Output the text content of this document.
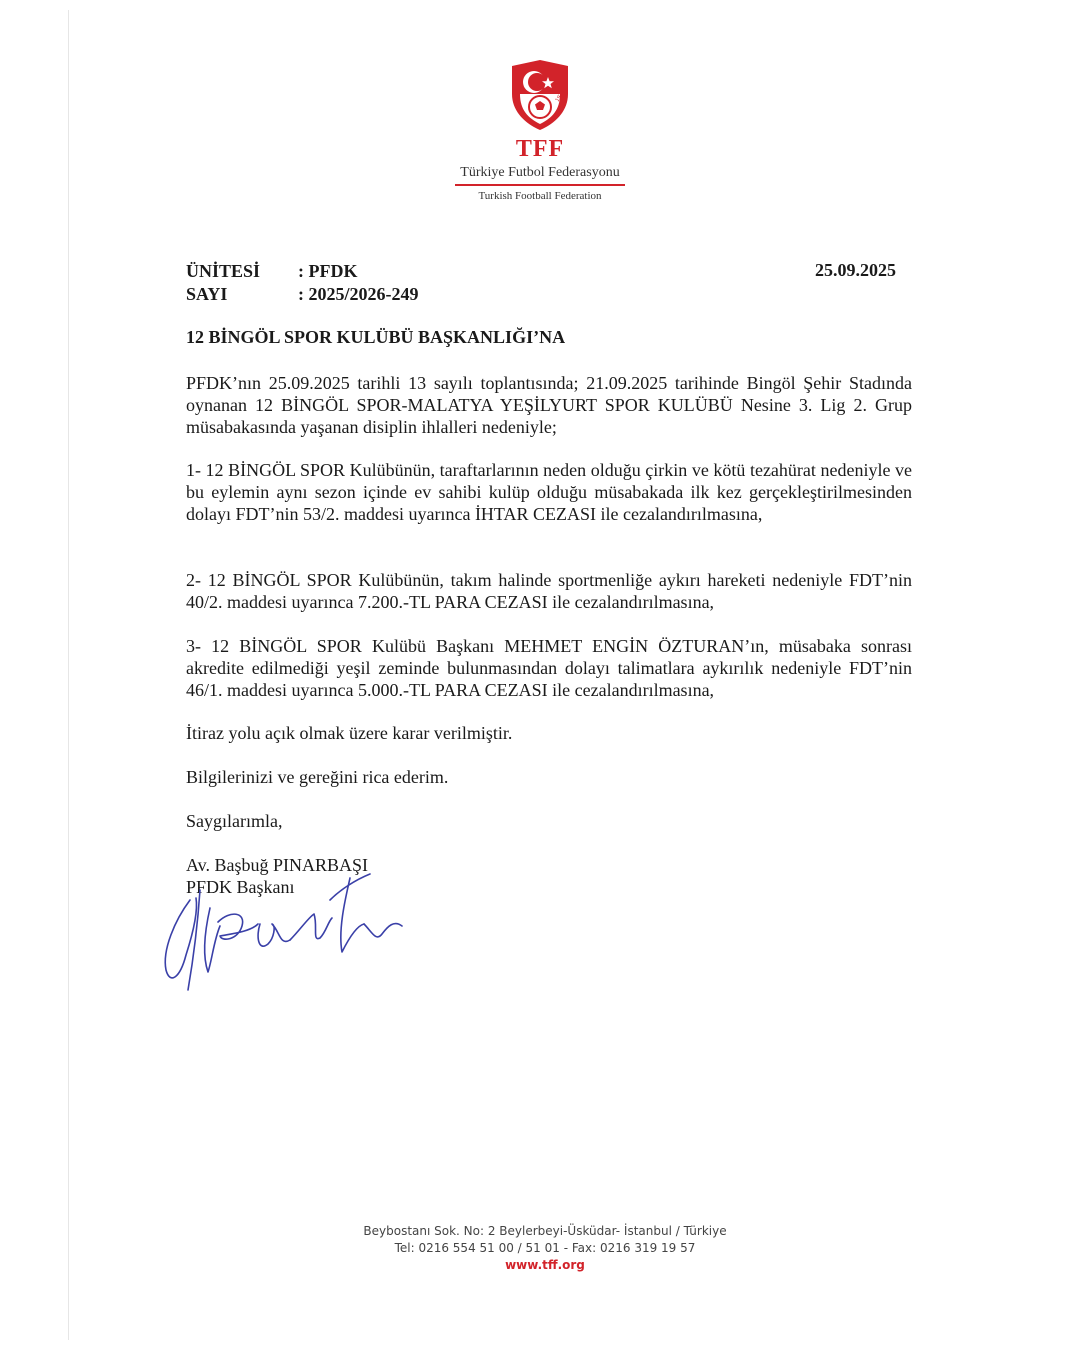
1923
TFF
Türkiye Futbol Federasyonu
Turkish Football Federation
ÜNİTESİ	: PFDK
SAYI	: 2025/2026-249
25.09.2025
12 BİNGÖL SPOR KULÜBÜ BAŞKANLIĞI’NA
PFDK’nın 25.09.2025 tarihli 13 sayılı toplantısında; 21.09.2025 tarihinde Bingöl Şehir Stadında oynanan 12 BİNGÖL SPOR-MALATYA YEŞİLYURT SPOR KULÜBÜ Nesine 3. Lig 2. Grup müsabakasında yaşanan disiplin ihlalleri nedeniyle;
1- 12 BİNGÖL SPOR Kulübünün, taraftarlarının neden olduğu çirkin ve kötü tezahürat nedeniyle ve bu eylemin aynı sezon içinde ev sahibi kulüp olduğu müsabakada ilk kez gerçekleştirilmesinden dolayı FDT’nin 53/2. maddesi uyarınca İHTAR CEZASI ile cezalandırılmasına,
2- 12 BİNGÖL SPOR Kulübünün, takım halinde sportmenliğe aykırı hareketi nedeniyle FDT’nin 40/2. maddesi uyarınca 7.200.-TL PARA CEZASI ile cezalandırılmasına,
3- 12 BİNGÖL SPOR Kulübü Başkanı MEHMET ENGİN ÖZTURAN’ın, müsabaka sonrası akredite edilmediği yeşil zeminde bulunmasından dolayı talimatlara aykırılık nedeniyle FDT’nin 46/1. maddesi uyarınca 5.000.-TL PARA CEZASI ile cezalandırılmasına,
İtiraz yolu açık olmak üzere karar verilmiştir.
Bilgilerinizi ve gereğini rica ederim.
Saygılarımla,
Av. Başbuğ PINARBAŞI
PFDK Başkanı
Beybostanı Sok. No: 2 Beylerbeyi-Üsküdar- İstanbul / Türkiye
Tel: 0216 554 51 00 / 51 01 - Fax: 0216 319 19 57
www.tff.org
